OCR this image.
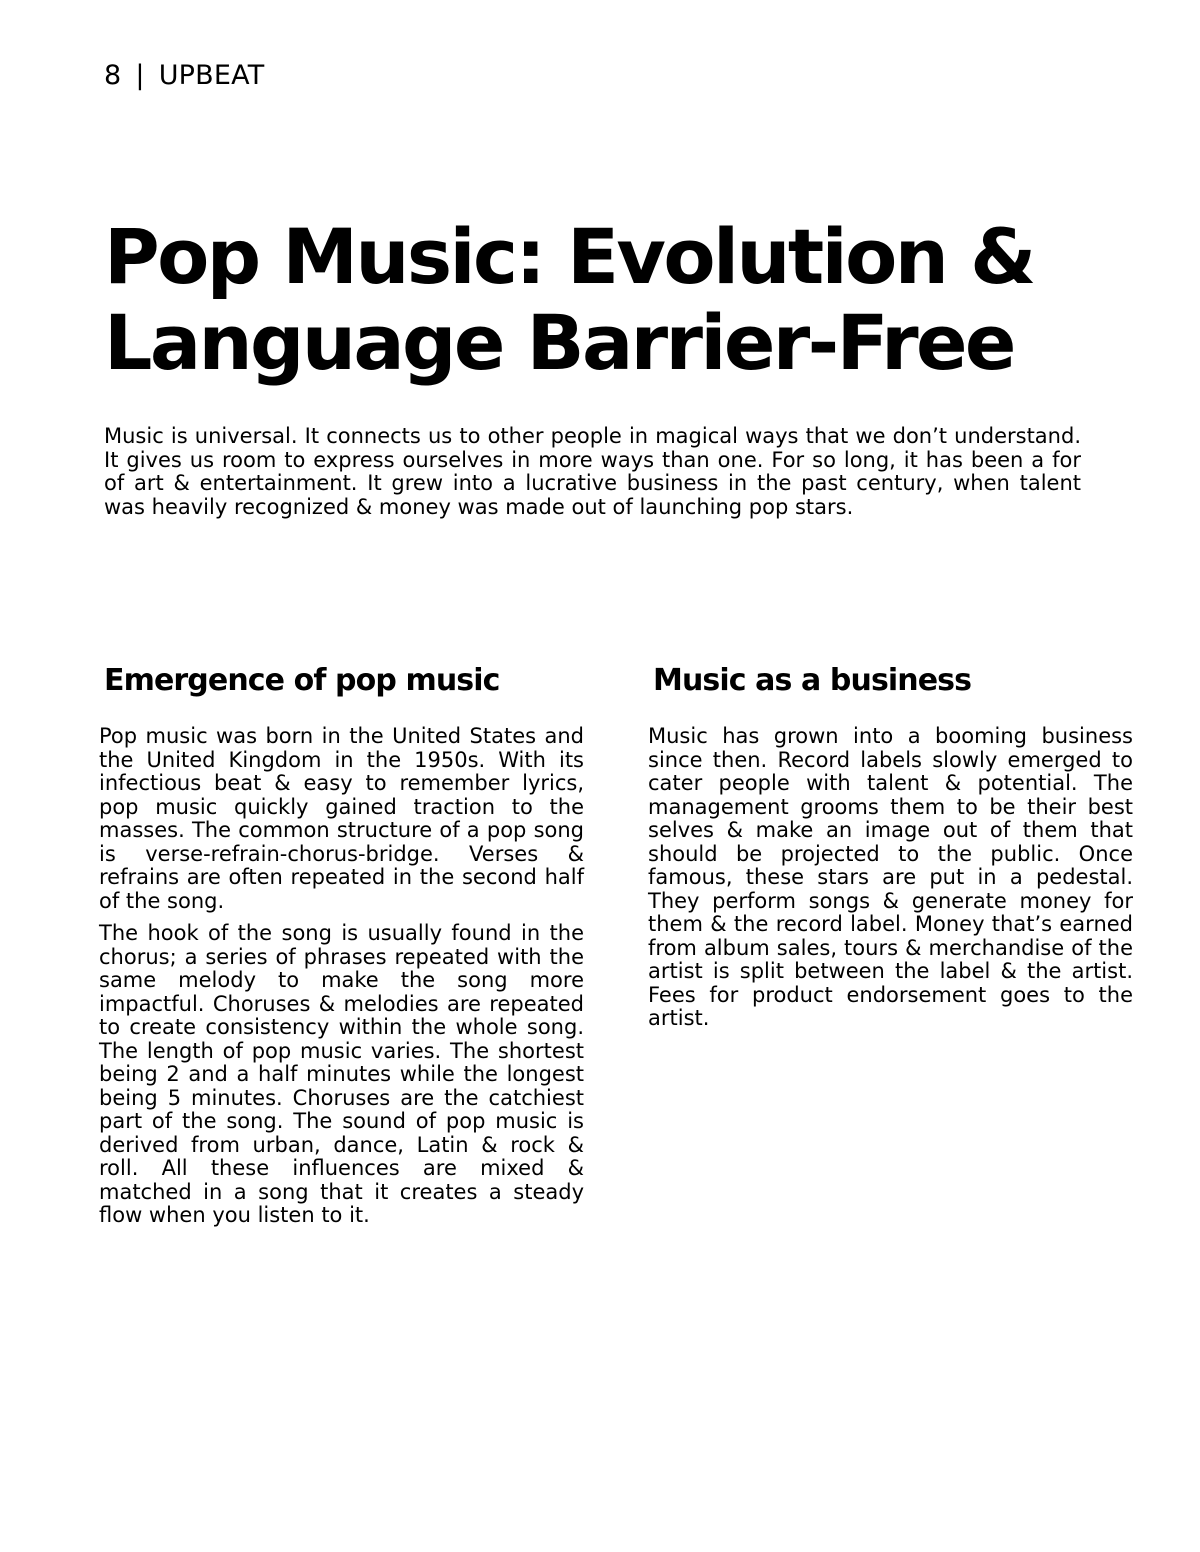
8 | UPBEAT
Pop Music: Evolution &
Language Barrier-Free

Music is universal. It connects us to other people in magical ways that we don’t understand. It gives us room to express ourselves in more ways than one. For so long, it has been a for of art & entertainment. It grew into a lucrative business in the past century, when talent was heavily recognized & money was made out of launching pop stars.

Emergence of pop music

Pop music was born in the United States and the United Kingdom in the 1950s. With its infectious beat & easy to remember lyrics, pop music quickly gained traction to the masses. The common structure of a pop song is verse-refrain-chorus-bridge. Verses & refrains are often repeated in the second half of the song.

The hook of the song is usually found in the chorus; a series of phrases repeated with the same melody to make the song more impactful. Choruses & melodies are repeated to create consistency within the whole song. The length of pop music varies. The shortest being 2 and a half minutes while the longest being 5 minutes. Choruses are the catchiest part of the song. The sound of pop music is derived from urban, dance, Latin & rock & roll. All these influences are mixed & matched in a song that it creates a steady flow when you listen to it.

Music as a business

Music has grown into a booming business since then. Record labels slowly emerged to cater people with talent & potential. The management grooms them to be their best selves & make an image out of them that should be projected to the public. Once famous, these stars are put in a pedestal. They perform songs & generate money for them & the record label. Money that’s earned from album sales, tours & merchandise of the artist is split between the label & the artist. Fees for product endorsement goes to the artist.
